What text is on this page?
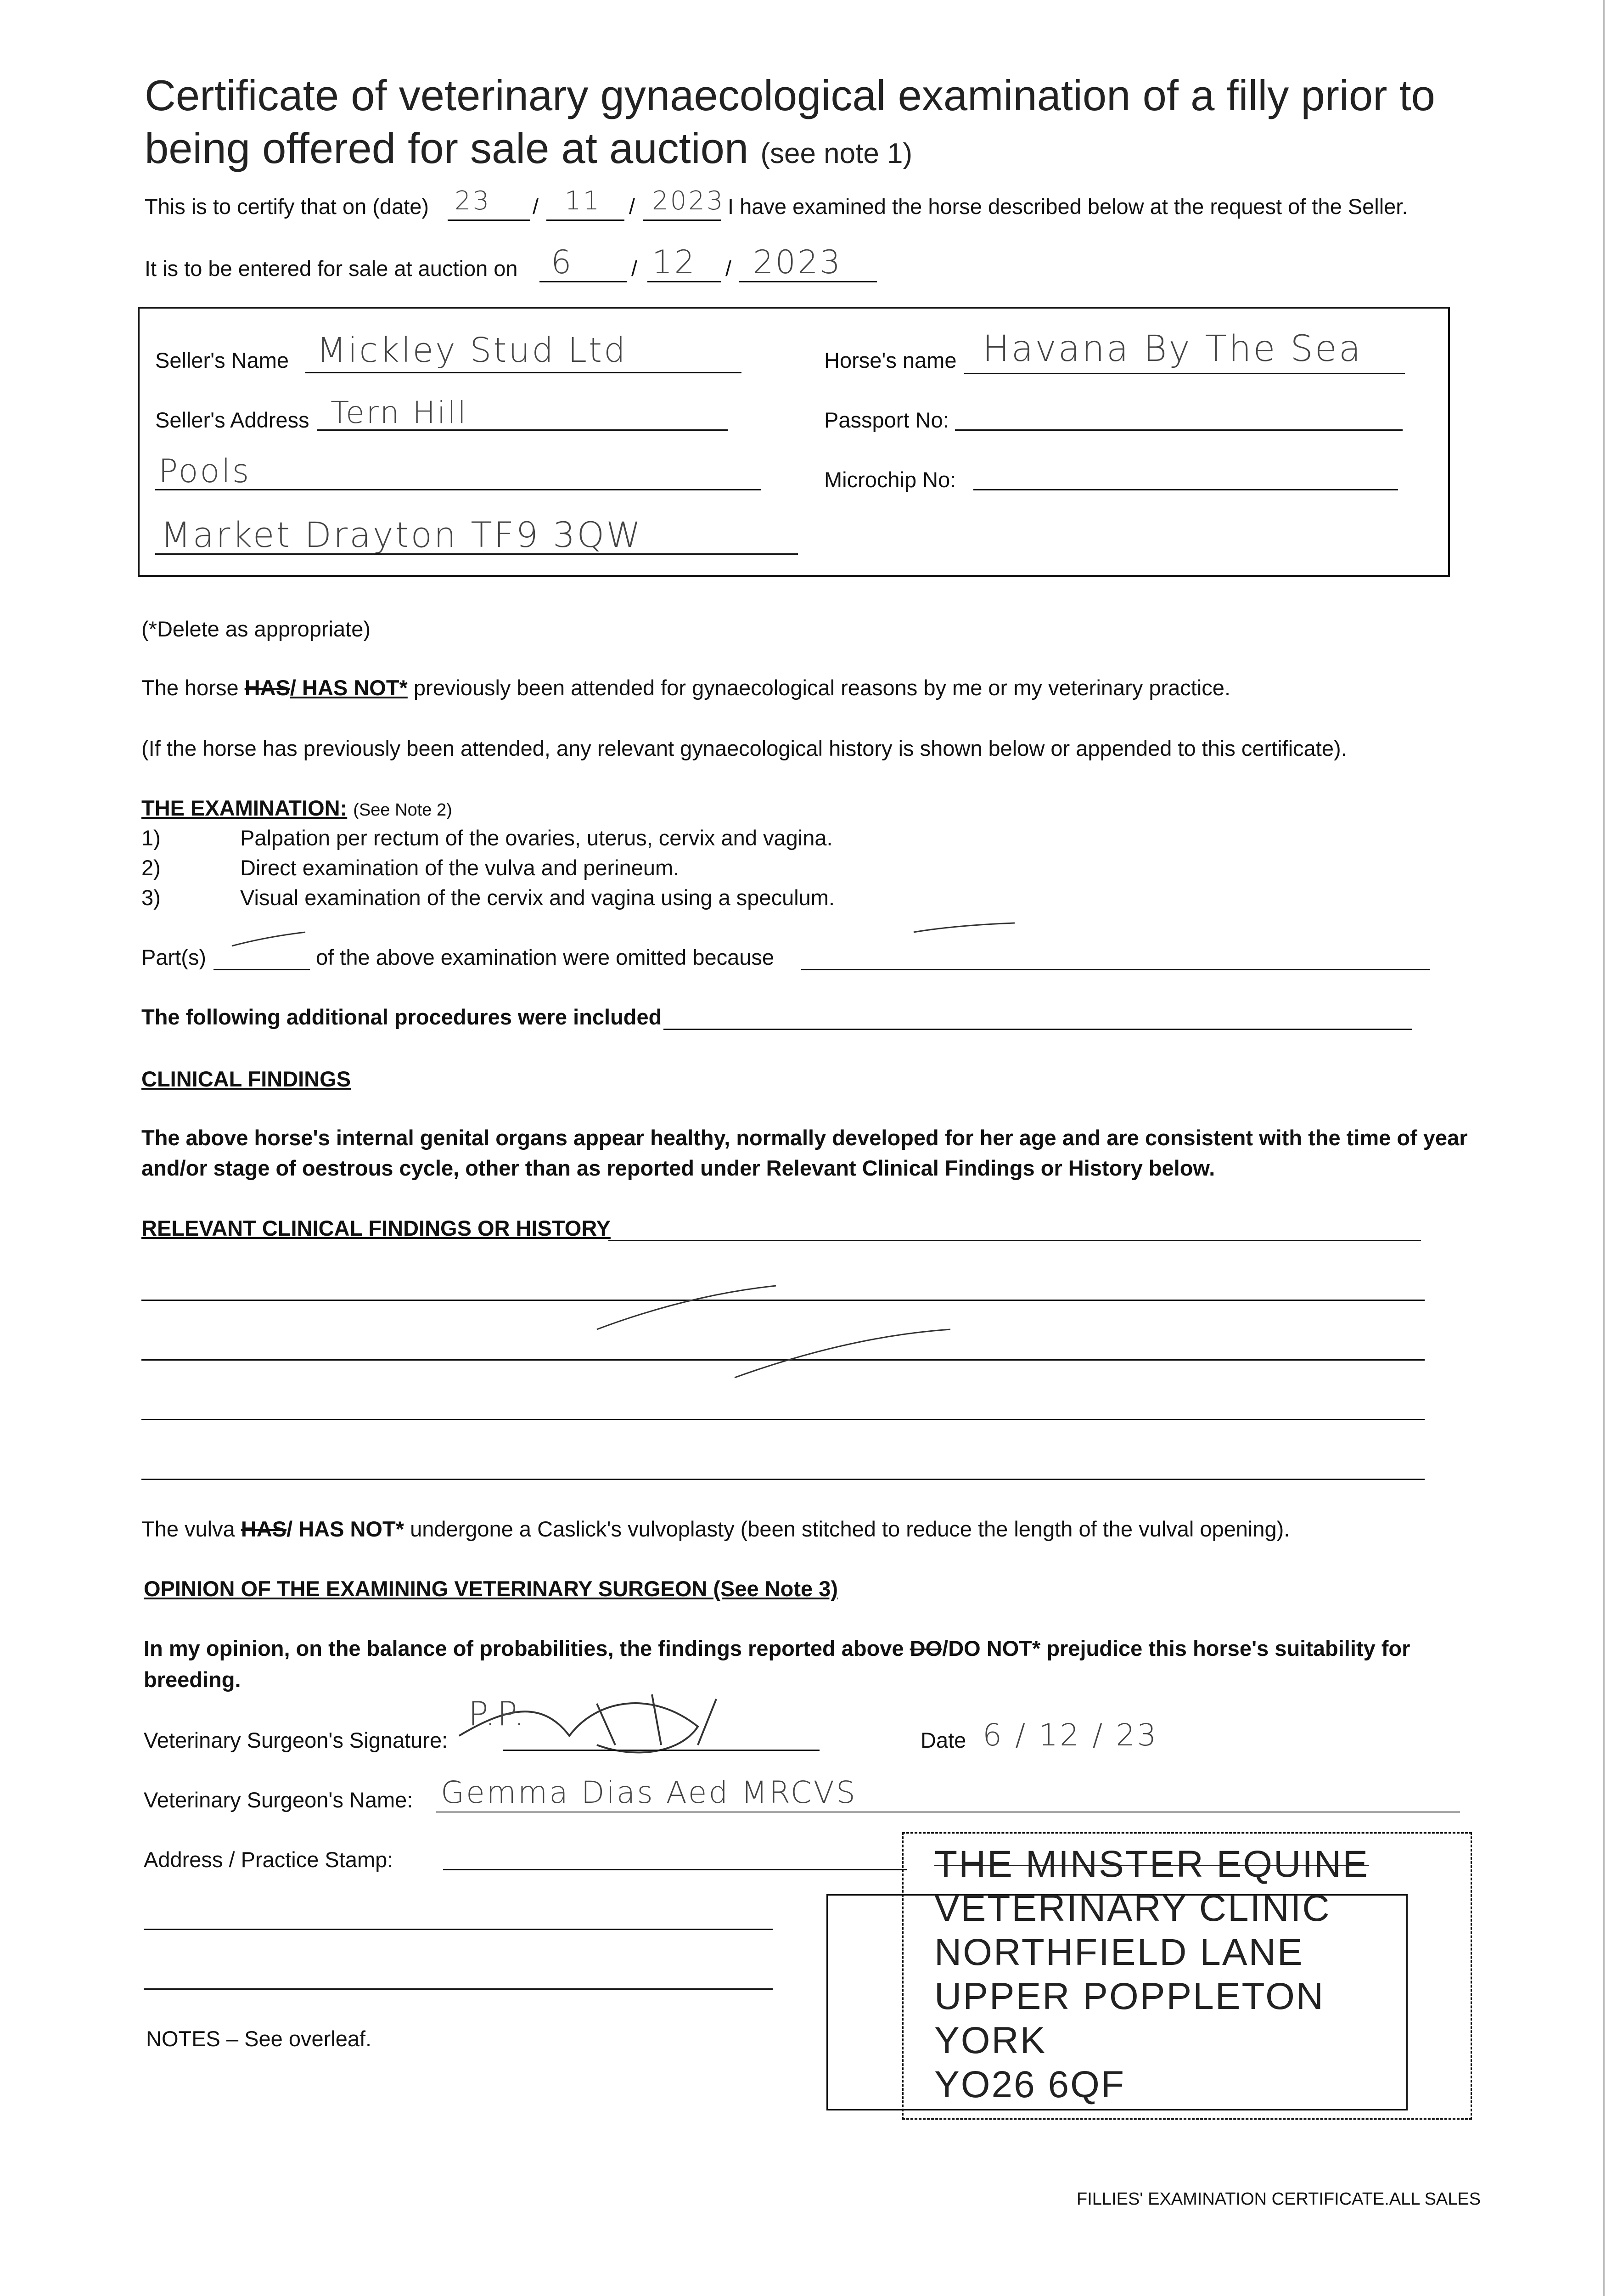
Certificate of veterinary gynaecological examination of a filly prior to being offered for sale at auction (see note 1)
This is to certify that on (date) 23 / 11 / 2023 I have examined the horse described below at the request of the Seller.
It is to be entered for sale at auction on 6	/ 12 / 2023
Seller's Name Mickley Stud Ltd
Seller's Address Tern Hill
Pools
Market Drayton TF9 3QW
Horse's name Havana By The Sea
Passport No:
Microchip No:
(*Delete as appropriate)
The horse HAS/ HAS NOT* previously been attended for gynaecological reasons by me or my veterinary practice.
(If the horse has previously been attended, any relevant gynaecological history is shown below or appended to this certificate).
THE EXAMINATION: (See Note 2)
1)	Palpation per rectum of the ovaries, uterus, cervix and vagina.
2)	Direct examination of the vulva and perineum.
3)	Visual examination of the cervix and vagina using a speculum.
Part(s)	of the above examination were omitted because
The following additional procedures were included
CLINICAL FINDINGS
The above horse's internal genital organs appear healthy, normally developed for her age and are consistent with the time of year and/or stage of oestrous cycle, other than as reported under Relevant Clinical Findings or History below.
RELEVANT CLINICAL FINDINGS OR HISTORY
The vulva HAS/ HAS NOT* undergone a Caslick's vulvoplasty (been stitched to reduce the length of the vulval opening).
OPINION OF THE EXAMINING VETERINARY SURGEON (See Note 3)
In my opinion, on the balance of probabilities, the findings reported above DO/DO NOT* prejudice this horse's suitability for
breeding.
Veterinary Surgeon's Signature:
P.P.
Date 6 / 12 / 23
Veterinary Surgeon's Name: Gemma Dias Aed MRCVS
Address / Practice Stamp:
NOTES – See overleaf.
THE MINSTER EQUINE
VETERINARY CLINIC
NORTHFIELD LANE
UPPER POPPLETON
YORK
YO26 6QF
FILLIES' EXAMINATION CERTIFICATE.ALL SALES
